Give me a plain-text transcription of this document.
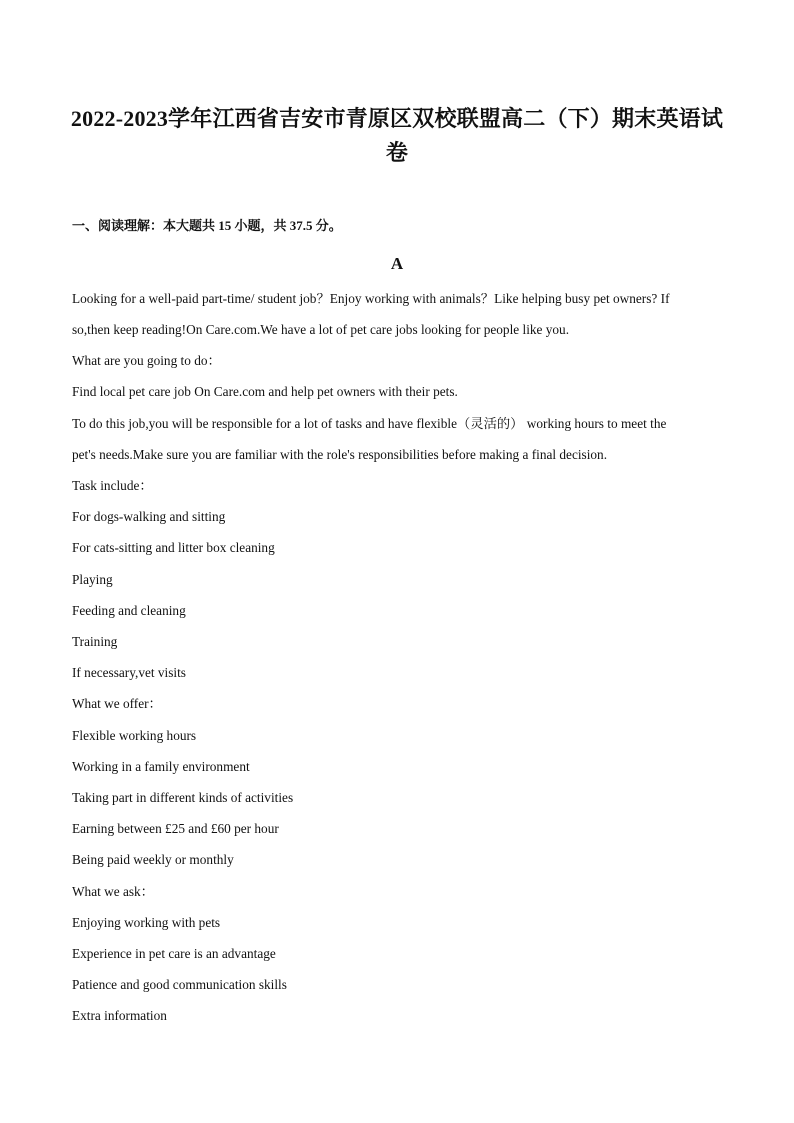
2022-2023学年江西省吉安市青原区双校联盟高二（下）期末英语试
卷
一、阅读理解：本大题共 15 小题，共 37.5 分。
A
Looking for a well-paid part-time/ student job？Enjoy working with animals？Like helping busy pet owners? If
so,then keep reading!On Care.com.We have a lot of pet care jobs looking for people like you.
What are you going to do：
Find local pet care job On Care.com and help pet owners with their pets.
To do this job,you will be responsible for a lot of tasks and have flexible（灵活的） working hours to meet the
pet's needs.Make sure you are familiar with the role's responsibilities before making a final decision.
Task include：
For dogs-walking and sitting
For cats-sitting and litter box cleaning
Playing
Feeding and cleaning
Training
If necessary,vet visits
What we offer：
Flexible working hours
Working in a family environment
Taking part in different kinds of activities
Earning between £25 and £60 per hour
Being paid weekly or monthly
What we ask：
Enjoying working with pets
Experience in pet care is an advantage
Patience and good communication skills
Extra information
